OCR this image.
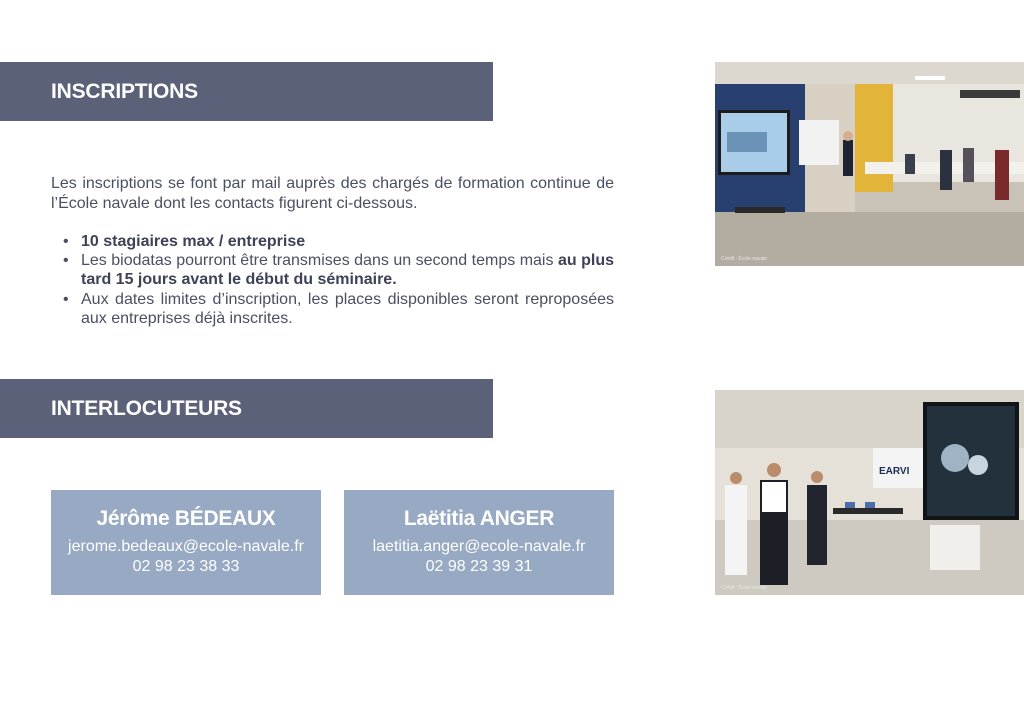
INSCRIPTIONS

Les inscriptions se font par mail auprès des chargés de formation continue de l’École navale dont les contacts figurent ci-dessous.

• 10 stagiaires max / entreprise
• Les biodatas pourront être transmises dans un second temps mais au plus tard 15 jours avant le début du séminaire.
• Aux dates limites d’inscription, les places disponibles seront reproposées aux entreprises déjà inscrites.
INTERLOCUTEURS
Jérôme BÉDEAUX
jerome.bedeaux@ecole-navale.fr
02 98 23 38 33
Laëtitia ANGER
laetitia.anger@ecole-navale.fr
02 98 23 39 31
Crédit : École navale
EARVI
Crédit : École navale
